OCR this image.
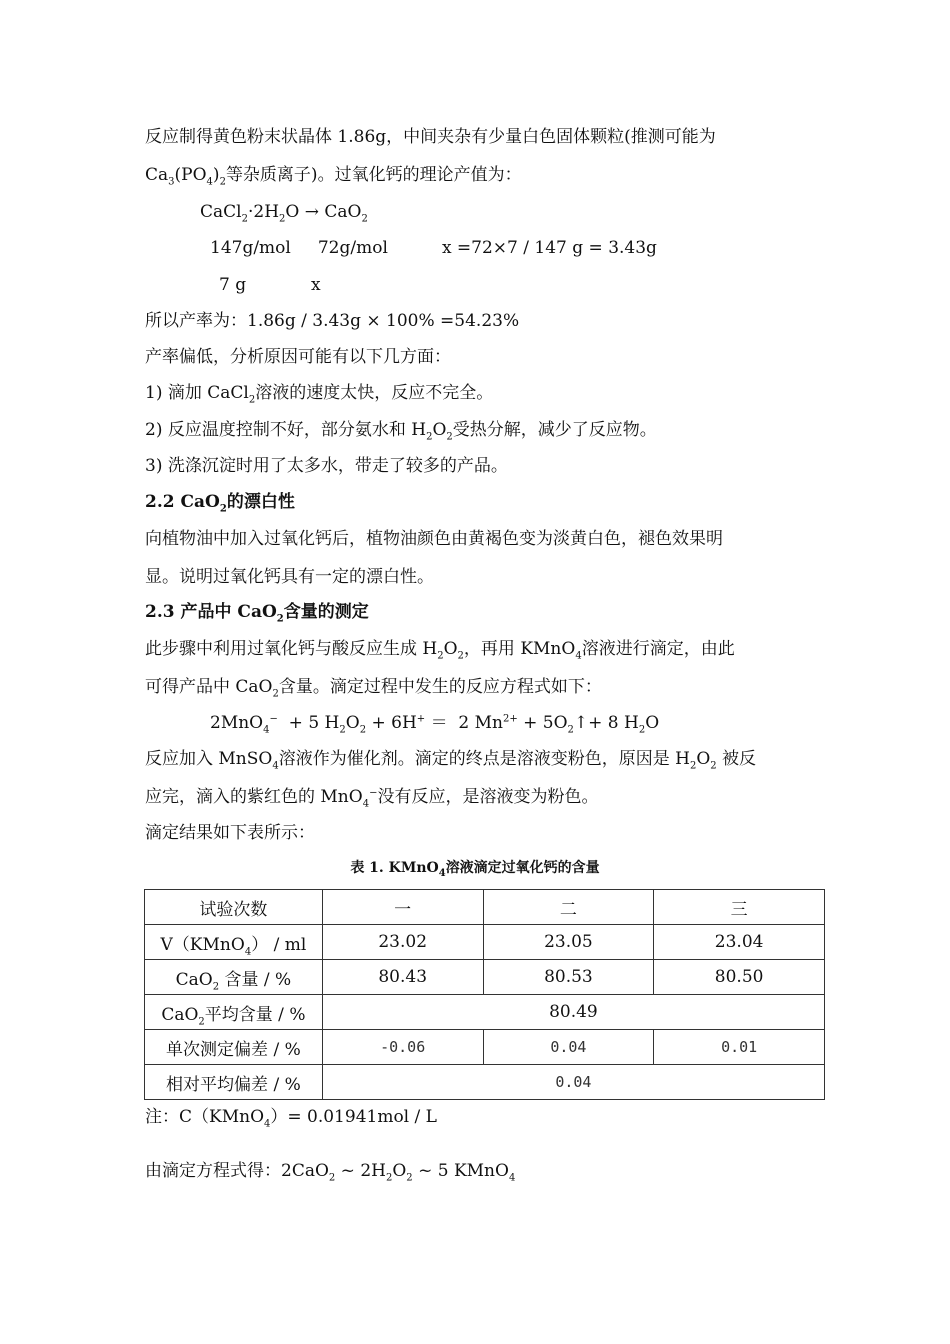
反应制得黄色粉末状晶体 1.86g，中间夹杂有少量白色固体颗粒(推测可能为
$Ca_3(PO_4)_2$等杂质离子)。过氧化钙的理论产值为：
$CaCl_2\cdot 2H_2O \to CaO_2$
147g/mol     72g/mol          x =72×7 / 147 g = 3.43g
7 g            x
所以产率为：1.86g / 3.43g × 100% =54.23%
产率偏低，分析原因可能有以下几方面：
1) 滴加 CaCl$_2$溶液的速度太快，反应不完全。
2) 反应温度控制不好，部分氨水和 $H_2O_2$受热分解，减少了反应物。
3) 洗涤沉淀时用了太多水，带走了较多的产品。
2.2 CaO$_2$的漂白性
向植物油中加入过氧化钙后，植物油颜色由黄褐色变为淡黄白色，褪色效果明
显。说明过氧化钙具有一定的漂白性。
2.3 产品中 CaO$_2$含量的测定
此步骤中利用过氧化钙与酸反应生成 $H_2O_2$，再用 KMnO$_4$溶液进行滴定，由此
可得产品中 CaO$_2$含量。滴定过程中发生的反应方程式如下：
2MnO$_4$−  + 5 $H_2O_2 + 6H^+ = 2$ $Mn^{2+}$ + $5O_2↑+ 8$ $H_2O$
反应加入 MnSO$_4$溶液作为催化剂。滴定的终点是溶液变粉色，原因是 $H_2O_2$ 被反
应完，滴入的紫红色的 MnO$_4$−没有反应，是溶液变为粉色。
滴定结果如下表所示：
表 1. KMnO$_4$溶液滴定过氧化钙的含量
试验次数	一	二	三
V（KMnO$_4$） / ml	23.02	23.05	23.04
CaO$_2$ 含量 / %	80.43	80.53	80.50
CaO$_2$平均含量 / %	80.49		
单次测定偏差 / %	-0.06	0.04	0.01
相对平均偏差 / %	0.04		
注：C（KMnO$_4$）= 0.01941mol / L
由滴定方程式得：2CaO$_2$ ~ $2H_2O_2$ ~ 5 KMnO$_4$
